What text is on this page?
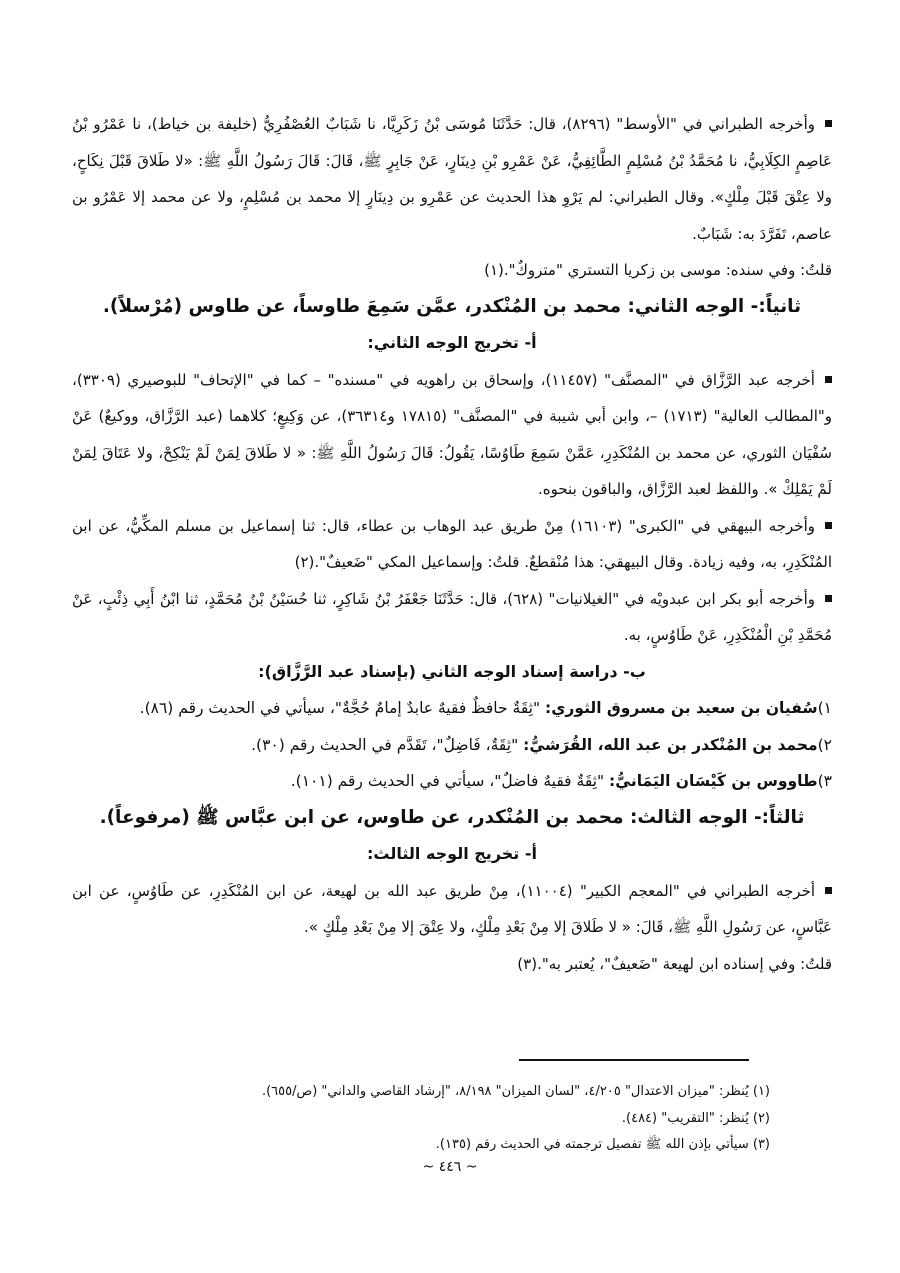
وأخرجه الطبراني في "الأوسط" (٨٢٩٦)، قال: حَدَّثَنَا مُوسَى بْنُ زَكَرِيَّا، نا شَبَابٌ العُصْفُرِيُّ (خليفة بن خياط)، نا عَمْرُو بْنُ عَاصِمٍ الكِلَابِيُّ، نا مُحَمَّدُ بْنُ مُسْلِمٍ الطَّائِفِيُّ، عَنْ عَمْرِو بْنِ دِينَارٍ، عَنْ جَابِرٍ ﷺ، قَالَ: قَالَ رَسُولُ اللَّهِ ﷺ: «لا طَلاقَ قَبْلَ نِكَاحٍ، ولا عِتْقَ قَبْلَ مِلْكٍ». وقال الطبراني: لم يَرْوِ هذا الحديث عن عَمْرِو بن دِينَارٍ إلا محمد بن مُسْلِمٍ، ولا عن محمد إلا عَمْرُو بن عاصم، تَفَرَّدَ به: شَبَابٌ.

قلتُ: وفي سنده: موسى بن زكريا التستري "متروكٌ".(١)

ثانياً:- الوجه الثاني: محمد بن المُنْكدر، عمَّن سَمِعَ طاوساً، عن طاوس (مُرْسلاً).

أ- تخريج الوجه الثاني:

أخرجه عبد الرَّزَّاق في "المصنَّف" (١١٤٥٧)، وإسحاق بن راهويه في "مسنده" – كما في "الإتحاف" للبوصيري (٣٣٠٩)، و"المطالب العالية" (١٧١٣) –، وابن أبي شيبة في "المصنَّف" (١٧٨١٥ و٣٦٣١٤)، عن وَكِيعٍ؛ كلاهما (عبد الرَّزَّاق، ووكيعٌ) عَنْ سُفْيَان الثوري، عن محمد بن المُنْكَدِرِ، عَمَّنْ سَمِعَ طَاوُسًا، يَقُولُ: قَالَ رَسُولُ اللَّهِ ﷺ: « لا طَلاقَ لِمَنْ لَمْ يَنْكِحْ، ولا عَتَاقَ لِمَنْ لَمْ يَمْلِكْ ». واللفظ لعبد الرَّزَّاق، والباقون بنحوه.

وأخرجه البيهقي في "الكبرى" (١٦١٠٣) مِنْ طريق عبد الوهاب بن عطاء، قال: ثنا إسماعيل بن مسلم المكِّيُّ، عن ابن المُنْكَدِرِ، به، وفيه زيادة. وقال البيهقي: هذا مُنْقطعٌ. قلتُ: وإسماعيل المكي "ضَعيفٌ".(٢)

وأخرجه أبو بكر ابن عبدويْه في "الغيلانيات" (٦٢٨)، قال: حَدَّثَنَا جَعْفَرُ بْنُ شَاكِرٍ، ثنا حُسَيْنُ بْنُ مُحَمَّدٍ، ثنا ابْنُ أَبِي ذِئْبٍ، عَنْ مُحَمَّدِ بْنِ الْمُنْكَدِرِ، عَنْ طَاوُسٍ، به.

ب- دراسة إسناد الوجه الثاني (بإسناد عبد الرَّزَّاق):

١)سُفيان بن سعيد بن مسروق الثوري: "ثِقَةٌ حافظٌ فقيهٌ عابدٌ إمامٌ حُجَّةٌ"، سيأتي في الحديث رقم (٨٦).

٢)محمد بن المُنْكدر بن عبد الله، القُرَشيُّ: "ثِقَةٌ، فَاضِلٌ"، تَقَدَّم في الحديث رقم (٣٠).

٣)طاووس بن كَيْسَان اليَمَانيُّ: "ثِقَةٌ فقيهٌ فاضلٌ"، سيأتي في الحديث رقم (١٠١).

ثالثاً:- الوجه الثالث: محمد بن المُنْكدر، عن طاوس، عن ابن عبَّاس ﷺ (مرفوعاً).

أ- تخريج الوجه الثالث:

أخرجه الطبراني في "المعجم الكبير" (١١٠٠٤)، مِنْ طريق عبد الله بن لهيعة، عن ابن المُنْكَدِرِ، عن طَاوُسٍ، عن ابن عَبَّاسٍ، عن رَسُولِ اللَّهِ ﷺ، قَالَ: « لا طَلاقَ إلا مِنْ بَعْدِ مِلْكٍ، ولا عِتْقَ إلا مِنْ بَعْدِ مِلْكٍ ».

قلتُ: وفي إسناده ابن لهيعة "ضَعيفٌ"، يُعتبر به".(٣)

(١) يُنظر: "ميزان الاعتدال" ٤/٢٠٥، "لسان الميزان" ٨/١٩٨، "إرشاد القاصي والداني" (ص/٦٥٥).

(٢) يُنظر: "التقريب" (٤٨٤).

(٣) سيأتي بإذن الله ﷺ تفصيل ترجمته في الحديث رقم (١٣٥).

~ ٤٤٦ ~
